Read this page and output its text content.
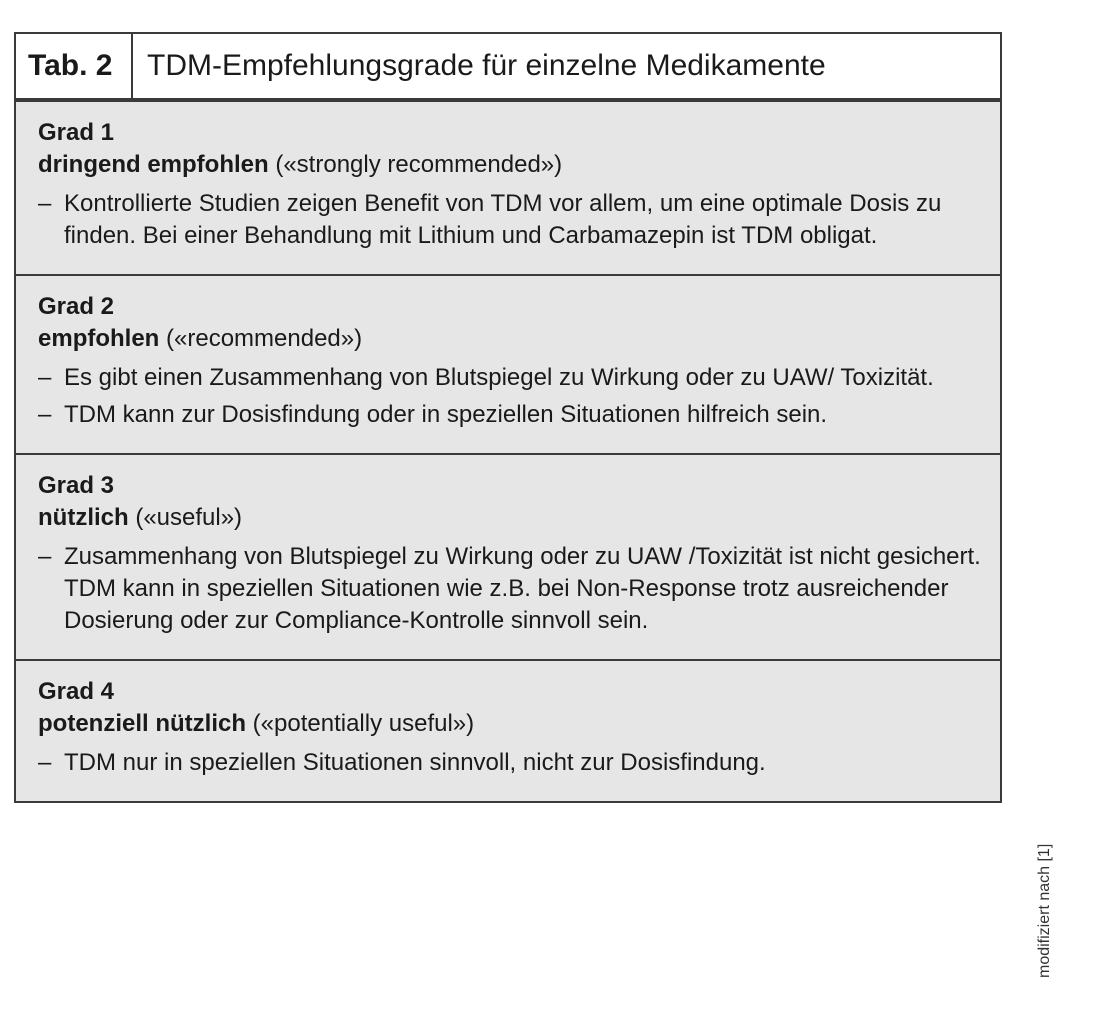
Tab. 2	TDM-Empfehlungsgrade für einzelne Medikamente
Grad 1
dringend empfohlen («strongly recommended»)
– Kontrollierte Studien zeigen Benefit von TDM vor allem, um eine optimale Dosis zu finden. Bei einer Behandlung mit Lithium und Carbamazepin ist TDM obligat.
Grad 2
empfohlen («recommended»)
– Es gibt einen Zusammenhang von Blutspiegel zu Wirkung oder zu UAW/ Toxizität.
– TDM kann zur Dosisfindung oder in speziellen Situationen hilfreich sein.
Grad 3
nützlich («useful»)
– Zusammenhang von Blutspiegel zu Wirkung oder zu UAW /Toxizität ist nicht gesichert. TDM kann in speziellen Situationen wie z.B. bei Non-Response trotz ausreichender Dosierung oder zur Compliance-Kontrolle sinnvoll sein.
Grad 4
potenziell nützlich («potentially useful»)
– TDM nur in speziellen Situationen sinnvoll, nicht zur Dosisfindung.
modifiziert nach [1]
